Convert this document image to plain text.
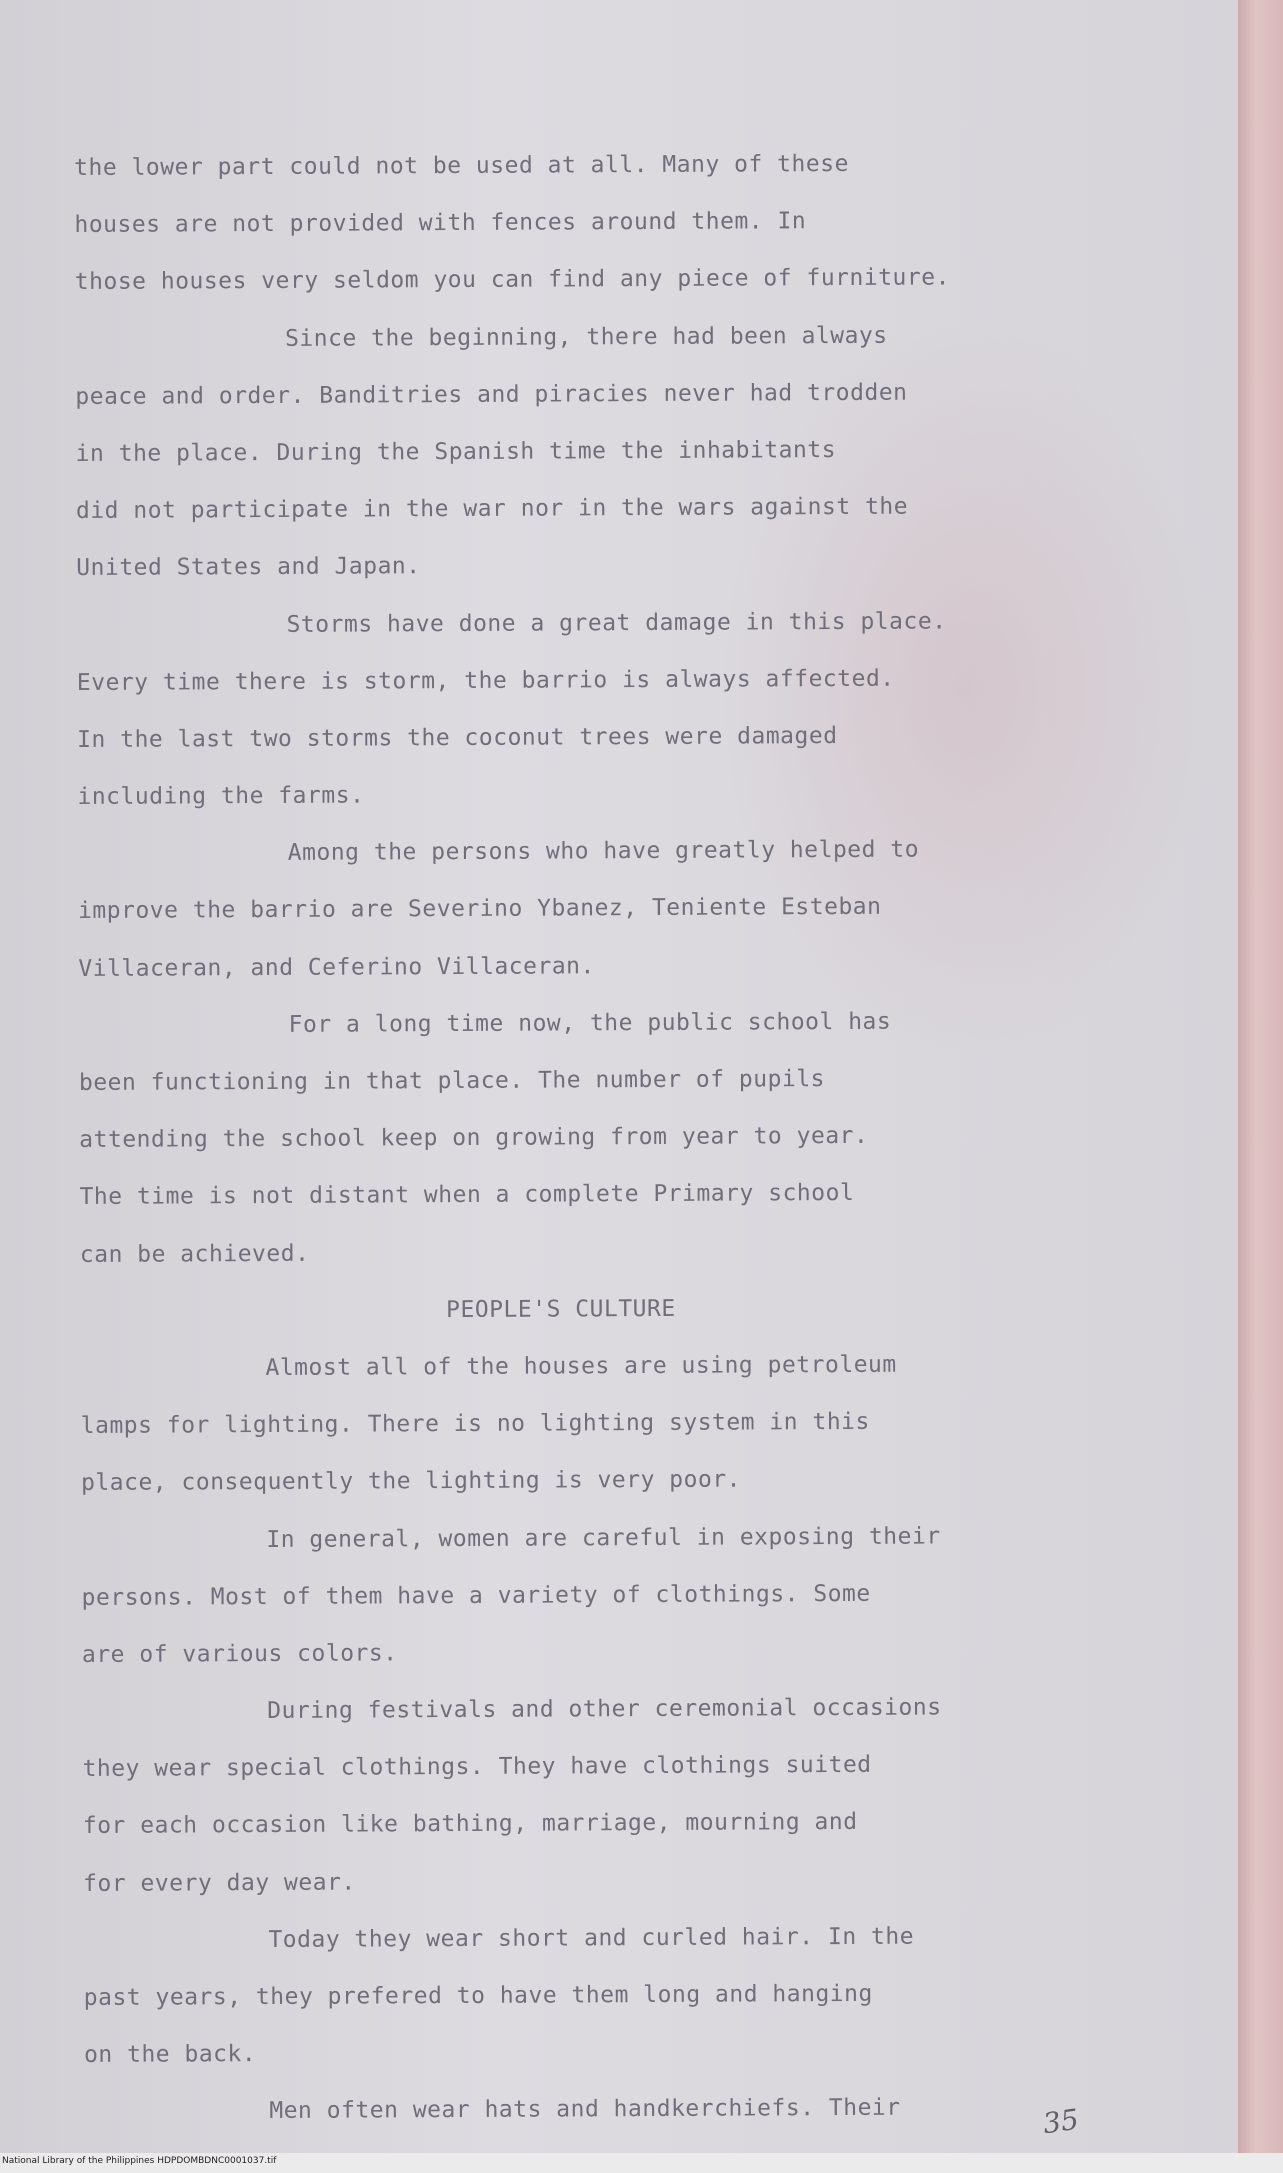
the lower part could not be used at all. Many of these
houses are not provided with fences around them. In
those houses very seldom you can find any piece of furniture.
Since the beginning, there had been always
peace and order. Banditries and piracies never had trodden
in the place. During the Spanish time the inhabitants
did not participate in the war nor in the wars against the
United States and Japan.
Storms have done a great damage in this place.
Every time there is storm, the barrio is always affected.
In the last two storms the coconut trees were damaged
including the farms.
Among the persons who have greatly helped to
improve the barrio are Severino Ybanez, Teniente Esteban
Villaceran, and Ceferino Villaceran.
For a long time now, the public school has
been functioning in that place. The number of pupils
attending the school keep on growing from year to year.
The time is not distant when a complete Primary school
can be achieved.
PEOPLE'S CULTURE
Almost all of the houses are using petroleum
lamps for lighting. There is no lighting system in this
place, consequently the lighting is very poor.
In general, women are careful in exposing their
persons. Most of them have a variety of clothings. Some
are of various colors.
During festivals and other ceremonial occasions
they wear special clothings. They have clothings suited
for each occasion like bathing, marriage, mourning and
for every day wear.
Today they wear short and curled hair. In the
past years, they prefered to have them long and hanging
on the back.
Men often wear hats and handkerchiefs. Their	35
National Library of the Philippines HDPDOMBDNC0001037.tif
